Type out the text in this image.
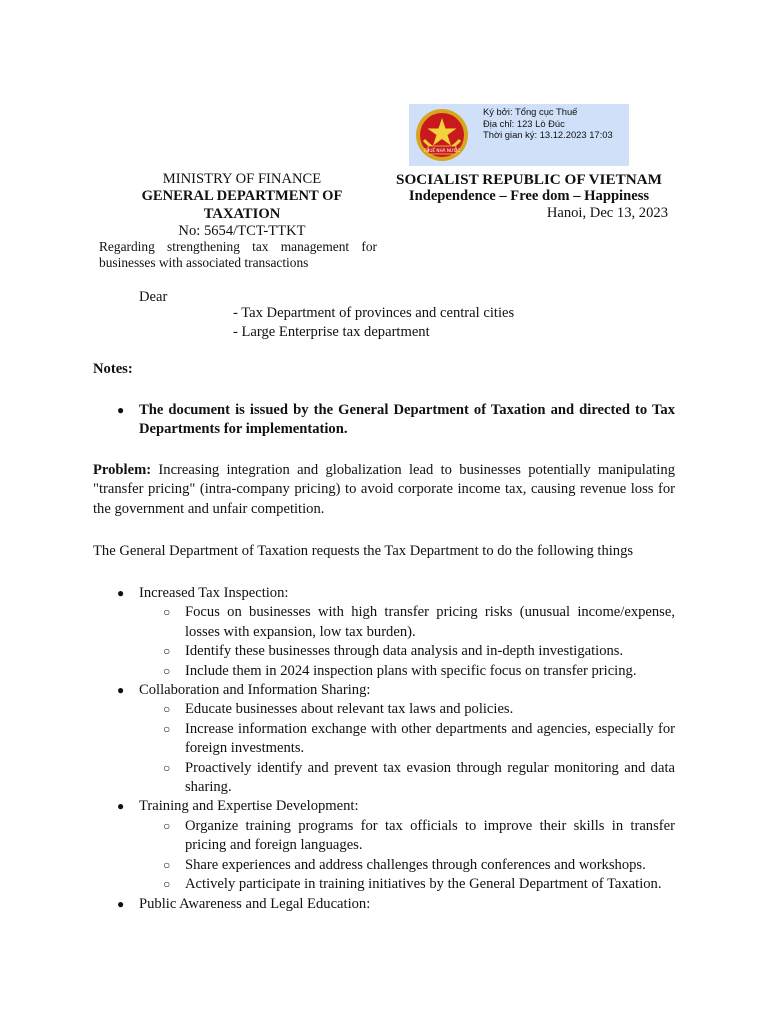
THUẾ NHÀ NƯỚC
Ký bởi: Tổng cục Thuế
Địa chỉ: 123 Lò Đúc
Thời gian ký: 13.12.2023 17:03
MINISTRY OF FINANCE
GENERAL DEPARTMENT OF TAXATION
No: 5654/TCT-TTKT
Regarding strengthening tax management for businesses with associated transactions
SOCIALIST REPUBLIC OF VIETNAM
Independence – Free dom – Happiness
Hanoi, Dec 13, 2023
Dear
- Tax Department of provinces and central cities
- Large Enterprise tax department
Notes:
● The document is issued by the General Department of Taxation and directed to Tax Departments for implementation.
Problem: Increasing integration and globalization lead to businesses potentially manipulating "transfer pricing" (intra-company pricing) to avoid corporate income tax, causing revenue loss for the government and unfair competition.
The General Department of Taxation requests the Tax Department to do the following things
● Increased Tax Inspection:
○ Focus on businesses with high transfer pricing risks (unusual income/expense, losses with expansion, low tax burden).
○ Identify these businesses through data analysis and in-depth investigations.
○ Include them in 2024 inspection plans with specific focus on transfer pricing.
● Collaboration and Information Sharing:
○ Educate businesses about relevant tax laws and policies.
○ Increase information exchange with other departments and agencies, especially for foreign investments.
○ Proactively identify and prevent tax evasion through regular monitoring and data sharing.
● Training and Expertise Development:
○ Organize training programs for tax officials to improve their skills in transfer pricing and foreign languages.
○ Share experiences and address challenges through conferences and workshops.
○ Actively participate in training initiatives by the General Department of Taxation.
● Public Awareness and Legal Education:
